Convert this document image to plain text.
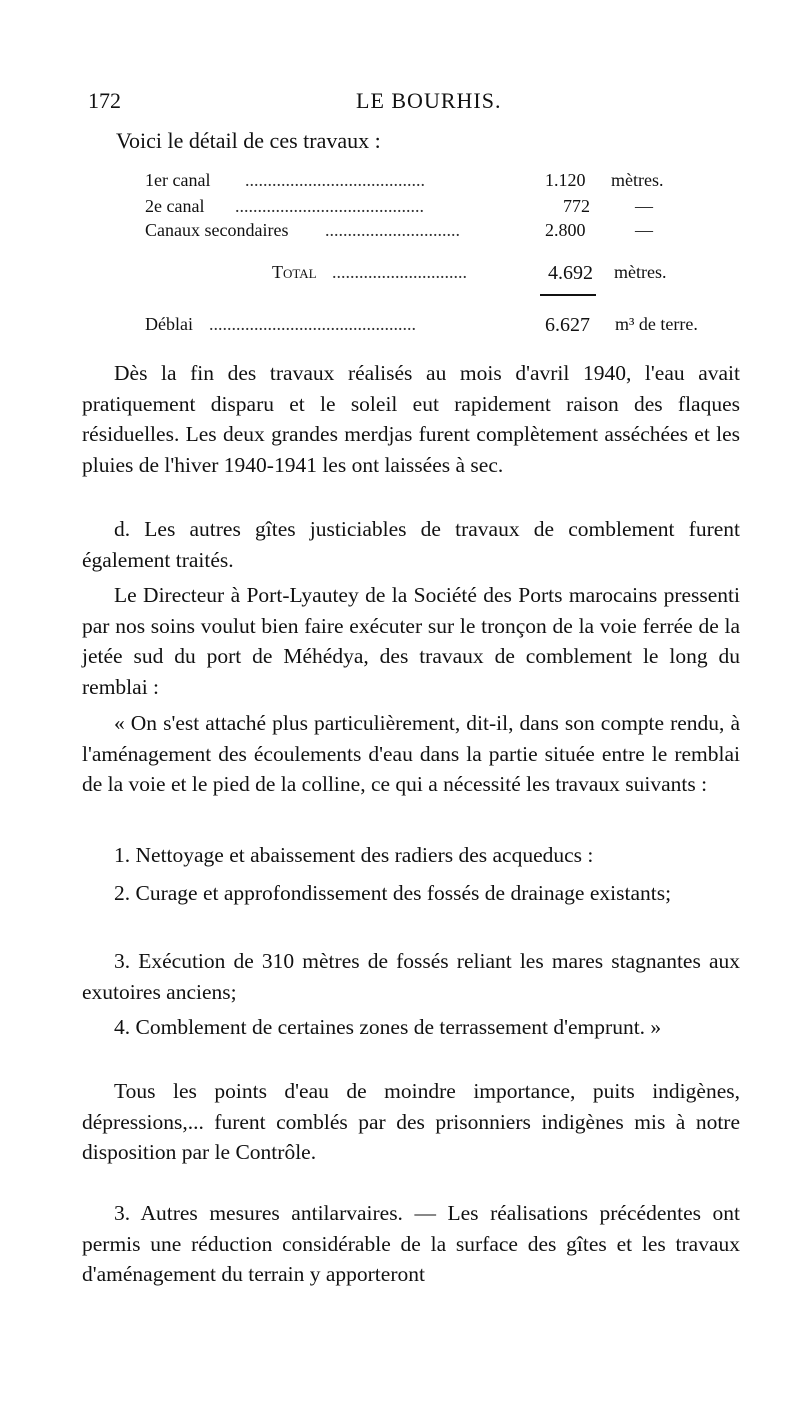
172	LE BOURHIS.
Voici le détail de ces travaux :
........................................
1er canal	1.120 mètres.
..........................................
2e canal	772	—
..............................
Canaux secondaires	2.800	—
..............................
Total	4.692 mètres.
..............................................
Déblai	6.627 m³ de terre.
Dès la fin des travaux réalisés au mois d'avril 1940, l'eau avait pratiquement disparu et le soleil eut rapidement raison des flaques résiduelles. Les deux grandes merdjas furent complètement asséchées et les pluies de l'hiver 1940-1941 les ont laissées à sec.
d. Les autres gîtes justiciables de travaux de comblement furent également traités.
Le Directeur à Port-Lyautey de la Société des Ports marocains pressenti par nos soins voulut bien faire exécuter sur le tronçon de la voie ferrée de la jetée sud du port de Méhédya, des travaux de comblement le long du remblai :
« On s'est attaché plus particulièrement, dit-il, dans son compte rendu, à l'aménagement des écoulements d'eau dans la partie située entre le remblai de la voie et le pied de la colline, ce qui a nécessité les travaux suivants :
1. Nettoyage et abaissement des radiers des acqueducs :
2. Curage et approfondissement des fossés de drainage existants;
3. Exécution de 310 mètres de fossés reliant les mares stagnantes aux exutoires anciens;
4. Comblement de certaines zones de terrassement d'emprunt. »
Tous les points d'eau de moindre importance, puits indigènes, dépressions,... furent comblés par des prisonniers indigènes mis à notre disposition par le Contrôle.
3. Autres mesures antilarvaires. — Les réalisations précédentes ont permis une réduction considérable de la surface des gîtes et les travaux d'aménagement du terrain y apporteront
